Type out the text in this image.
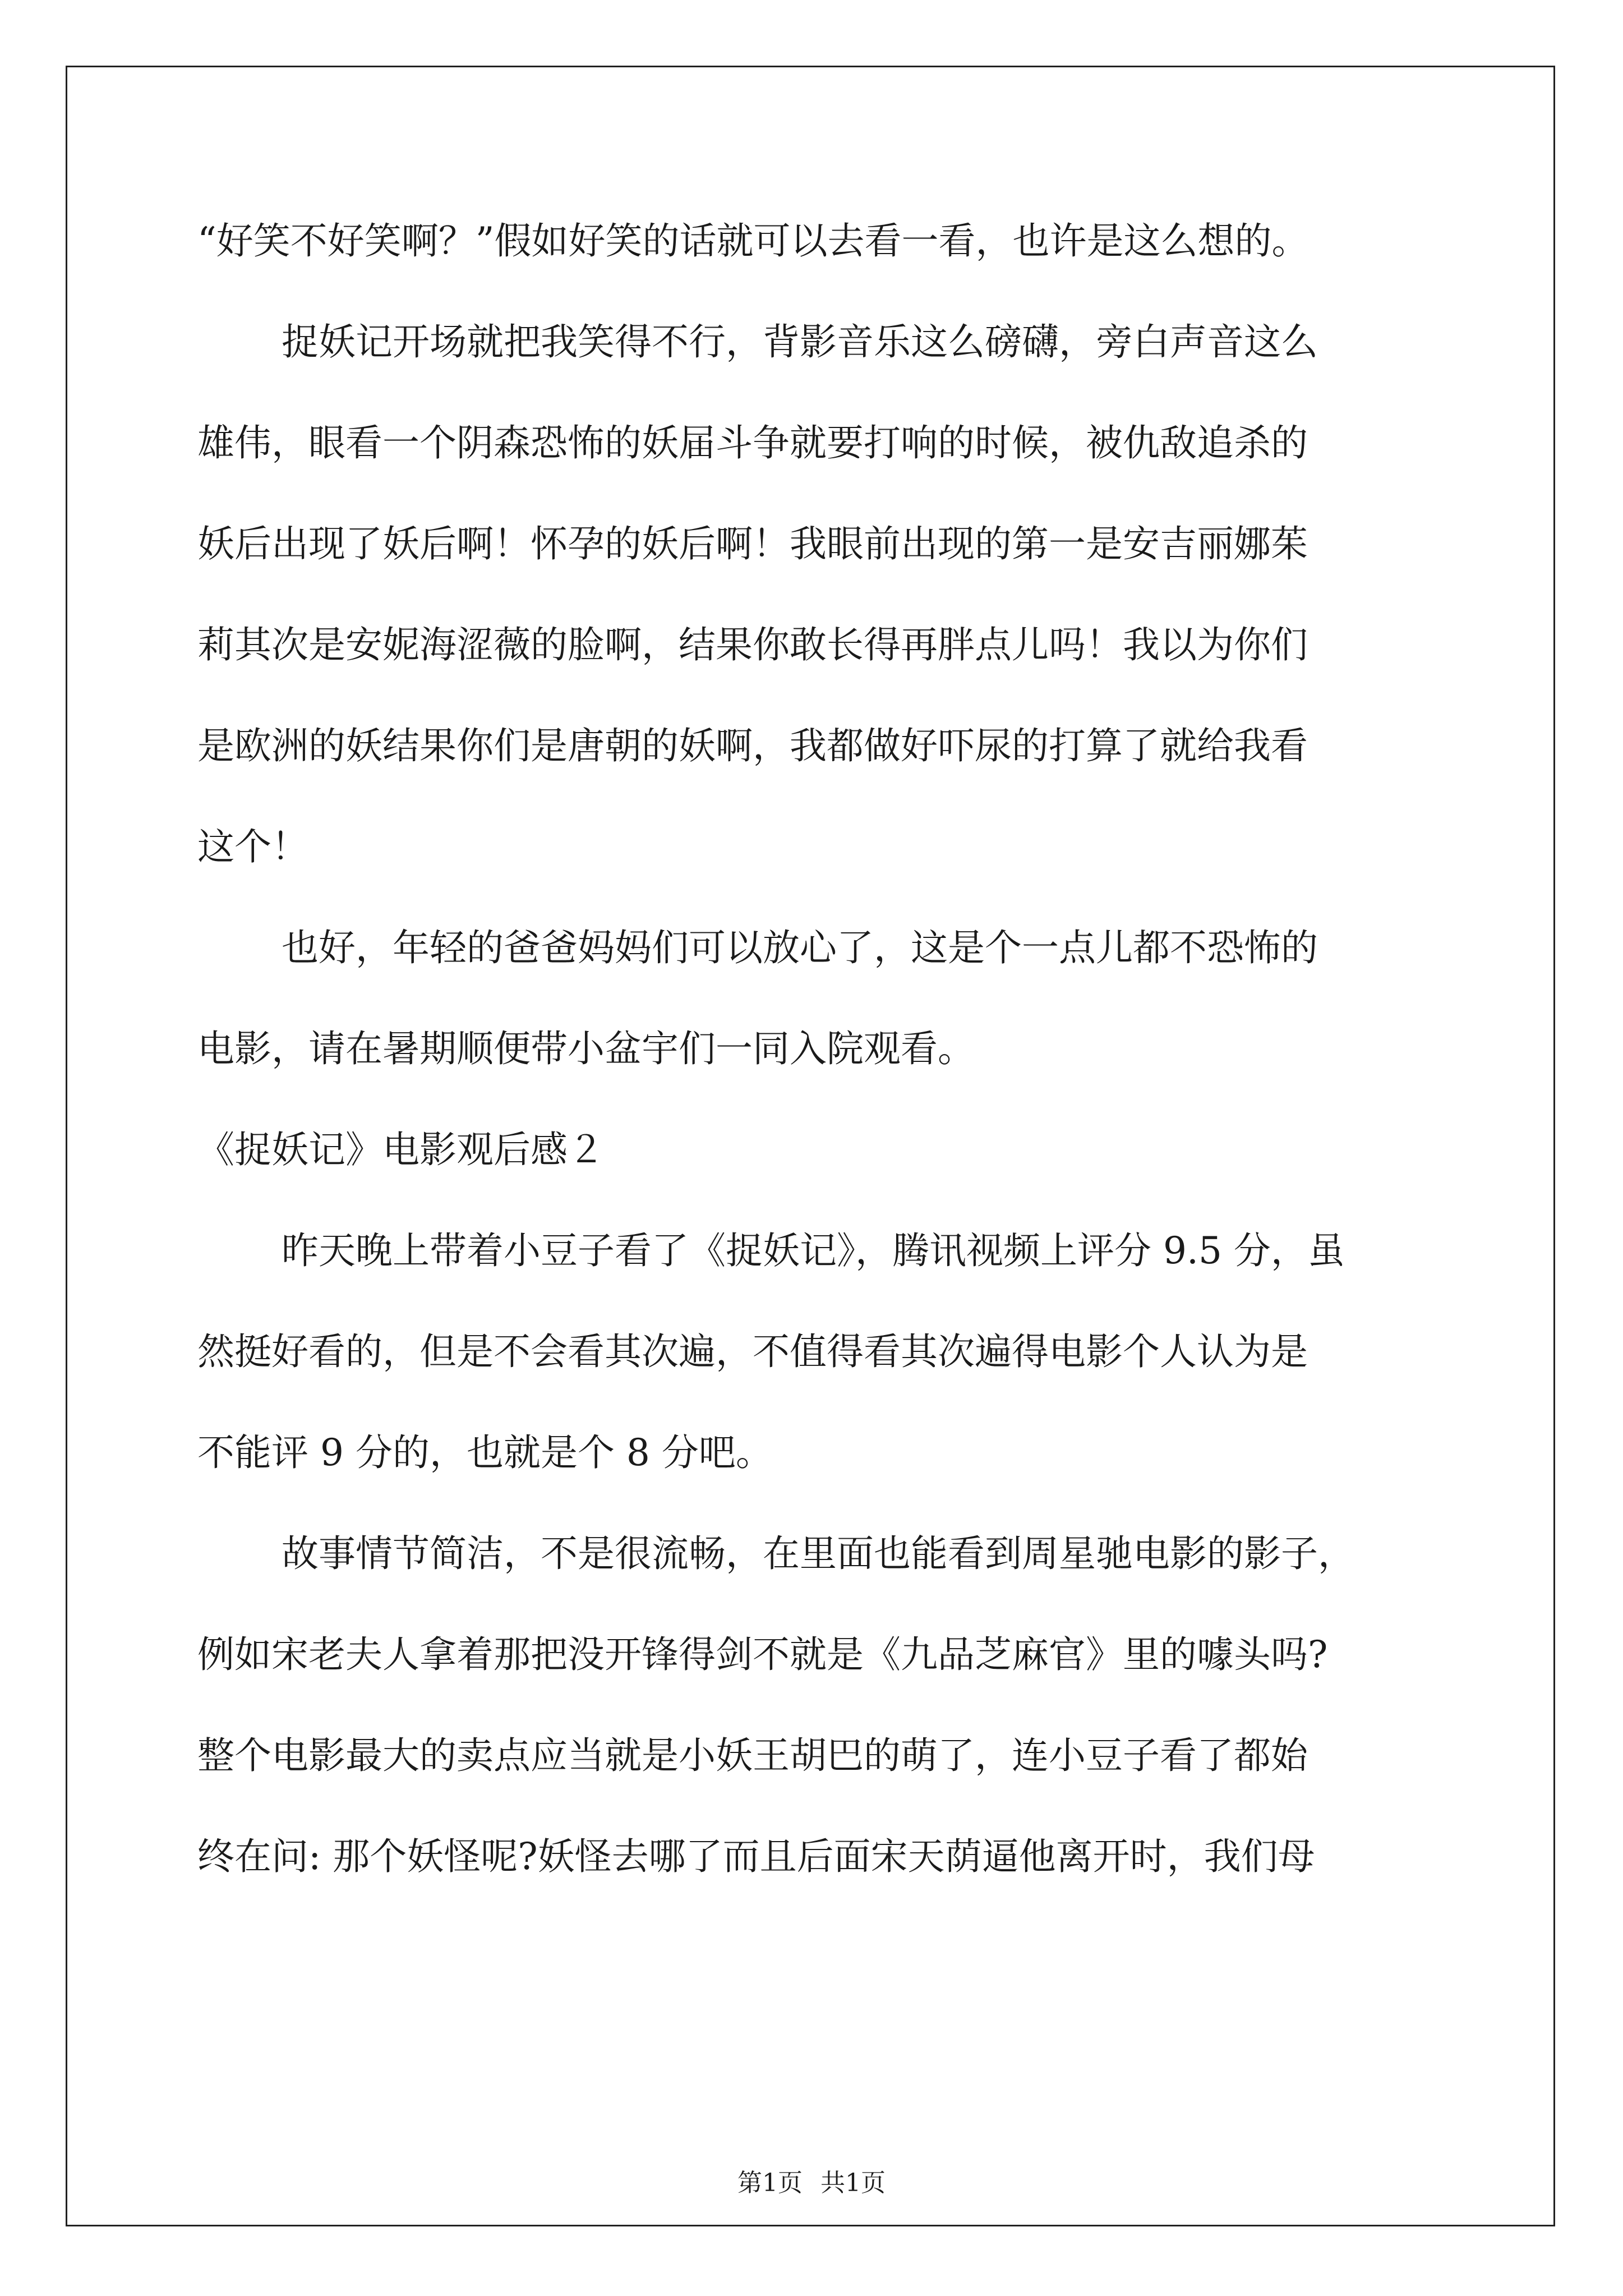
“好笑不好笑啊？”假如好笑的话就可以去看一看，也许是这么想的。
捉妖记开场就把我笑得不行，背影音乐这么磅礴，旁白声音这么
雄伟，眼看一个阴森恐怖的妖届斗争就要打响的时候，被仇敌追杀的
妖后出现了妖后啊！怀孕的妖后啊！我眼前出现的第一是安吉丽娜茱
莉其次是安妮海涩薇的脸啊，结果你敢长得再胖点儿吗！我以为你们
是欧洲的妖结果你们是唐朝的妖啊，我都做好吓尿的打算了就给我看
这个！
也好，年轻的爸爸妈妈们可以放心了，这是个一点儿都不恐怖的
电影，请在暑期顺便带小盆宇们一同入院观看。
《捉妖记》电影观后感２
昨天晚上带着小豆子看了《捉妖记》，腾讯视频上评分 9.5 分，虽
然挺好看的，但是不会看其次遍，不值得看其次遍得电影个人认为是
不能评 9 分的，也就是个 8 分吧。
故事情节简洁，不是很流畅，在里面也能看到周星驰电影的影子，
例如宋老夫人拿着那把没开锋得剑不就是《九品芝麻官》里的噱头吗?
整个电影最大的卖点应当就是小妖王胡巴的萌了，连小豆子看了都始
终在问: 那个妖怪呢?妖怪去哪了而且后面宋天荫逼他离开时，我们母
第1页 共1页
